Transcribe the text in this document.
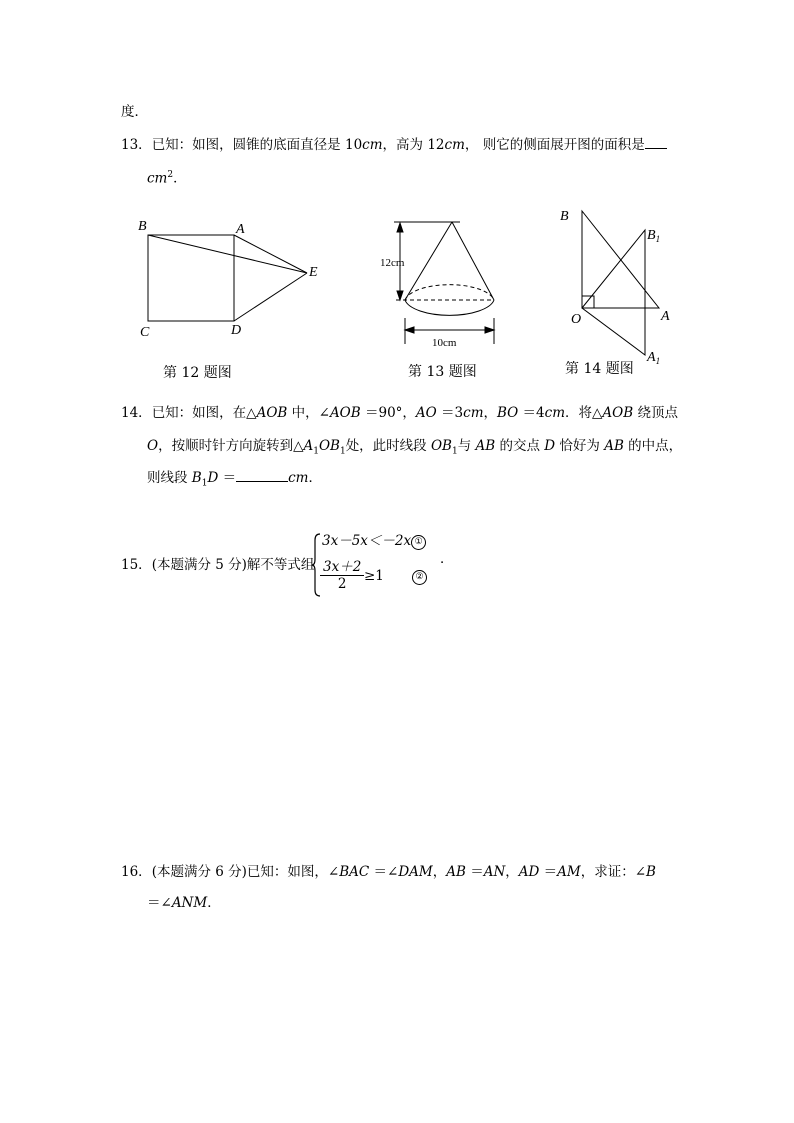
度．
13．已知：如图，圆锥的底面直径是 10cm，高为 12cm， 则它的侧面展开图的面积是
$cm^2$．
B	A
E
C	D
第 12 题图
12cm
10cm
第 13 题图
B
$B_1$
O	A
$A_1$
第 14 题图
14．已知：如图，在△AOB 中，∠AOB ＝90°，AO ＝3cm，BO ＝4cm．将△AOB 绕顶点
O，按顺时针方向旋转到$\triangle A_1OB_1$处，此时线段 $OB_1$与 AB 的交点 D 恰好为 AB 的中点，
则线段 $B_1D$ ＝	cm．
15．(本题满分 5 分)解不等式组
3x－5x＜－2x ①
$\frac{3x+2}{2} \ge 1$	②
．
16．(本题满分 6 分)已知：如图，∠BAC ＝∠DAM，AB ＝AN，AD ＝AM，求证：∠B
＝∠ANM．
